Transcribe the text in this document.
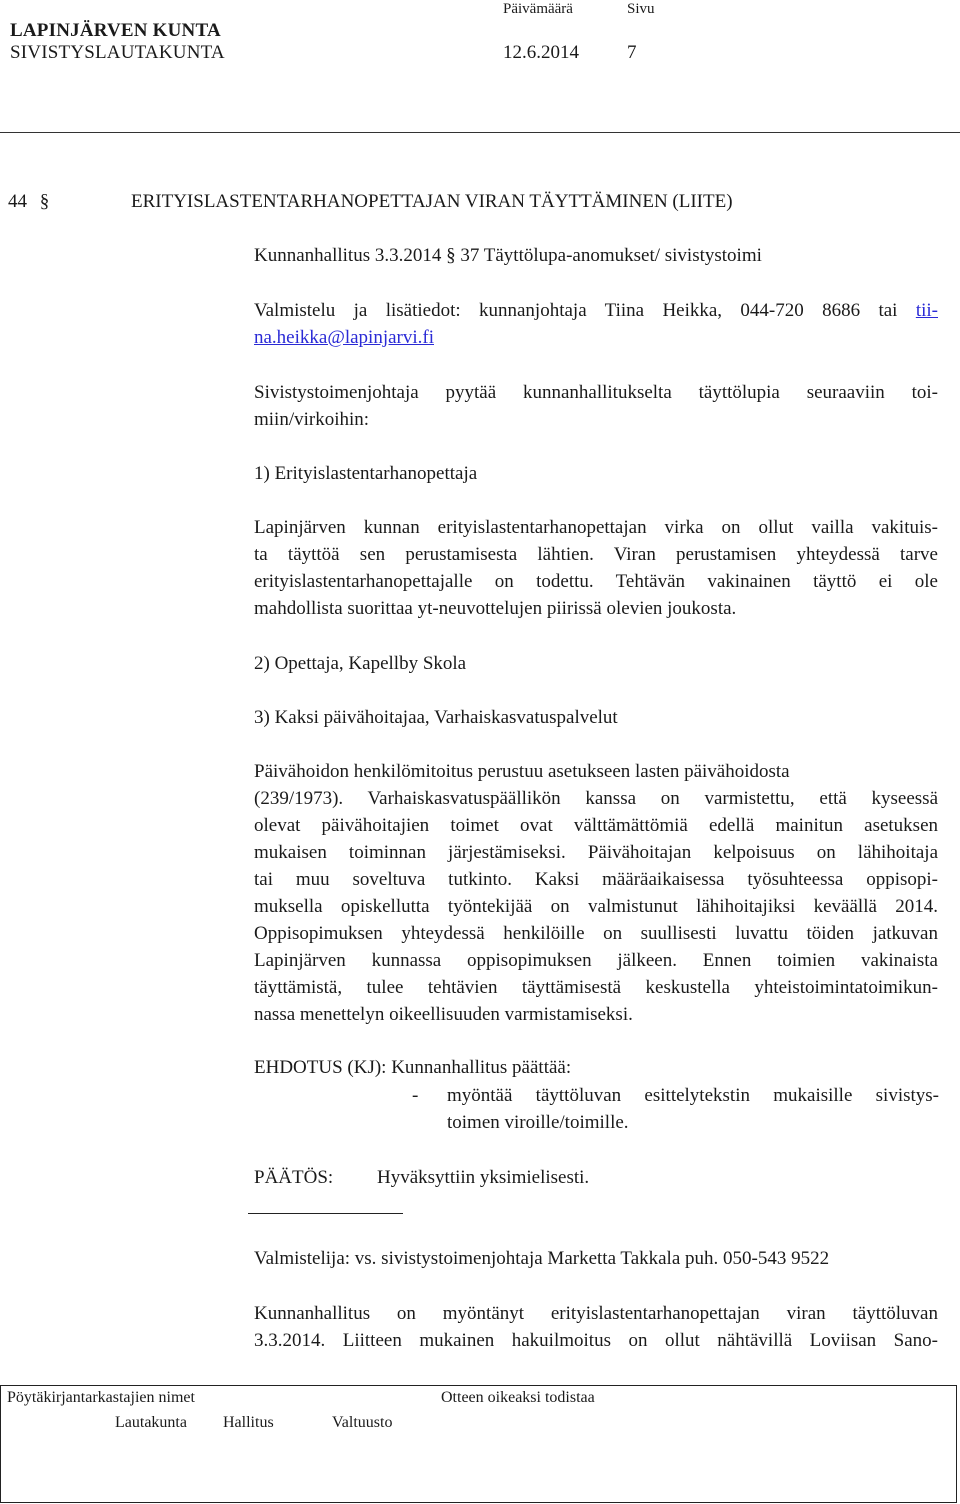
LAPINJÄRVEN KUNTA
SIVISTYSLAUTAKUNTA
Päivämäärä	Sivu
12.6.2014	7
44 §	ERITYISLASTENTARHANOPETTAJAN VIRAN TÄYTTÄMINEN (LIITE)
Kunnanhallitus 3.3.2014 § 37 Täyttölupa-anomukset/ sivistystoimi
Valmistelu ja lisätiedot: kunnanjohtaja Tiina Heikka, 044-720 8686 tai tii-
na.heikka@lapinjarvi.fi
Sivistystoimenjohtaja pyytää kunnanhallitukselta täyttölupia seuraaviin toi-
miin/virkoihin:
1) Erityislastentarhanopettaja
Lapinjärven kunnan erityislastentarhanopettajan virka on ollut vailla vakituis-
ta täyttöä sen perustamisesta lähtien. Viran perustamisen yhteydessä tarve
erityislastentarhanopettajalle on todettu. Tehtävän vakinainen täyttö ei ole
mahdollista suorittaa yt-neuvottelujen piirissä olevien joukosta.
2) Opettaja, Kapellby Skola
3) Kaksi päivähoitajaa, Varhaiskasvatuspalvelut
Päivähoidon henkilömitoitus perustuu asetukseen lasten päivähoidosta
(239/1973). Varhaiskasvatuspäällikön kanssa on varmistettu, että kyseessä
olevat päivähoitajien toimet ovat välttämättömiä edellä mainitun asetuksen
mukaisen toiminnan järjestämiseksi. Päivähoitajan kelpoisuus on lähihoitaja
tai muu soveltuva tutkinto. Kaksi määräaikaisessa työsuhteessa oppisopi-
muksella opiskellutta työntekijää on valmistunut lähihoitajiksi keväällä 2014.
Oppisopimuksen yhteydessä henkilöille on suullisesti luvattu töiden jatkuvan
Lapinjärven kunnassa oppisopimuksen jälkeen. Ennen toimien vakinaista
täyttämistä, tulee tehtävien täyttämisestä keskustella yhteistoimintatoimikun-
nassa menettelyn oikeellisuuden varmistamiseksi.
EHDOTUS (KJ): Kunnanhallitus päättää:
- myöntää täyttöluvan esittelytekstin mukaisille sivistys-
toimen viroille/toimille.
PÄÄTÖS: Hyväksyttiin yksimielisesti.
Valmistelija: vs. sivistystoimenjohtaja Marketta Takkala puh. 050-543 9522
Kunnanhallitus on myöntänyt erityislastentarhanopettajan viran täyttöluvan
3.3.2014. Liitteen mukainen hakuilmoitus on ollut nähtävillä Loviisan Sano-
Pöytäkirjantarkastajien nimet	Otteen oikeaksi todistaa
Lautakunta Hallitus	Valtuusto
